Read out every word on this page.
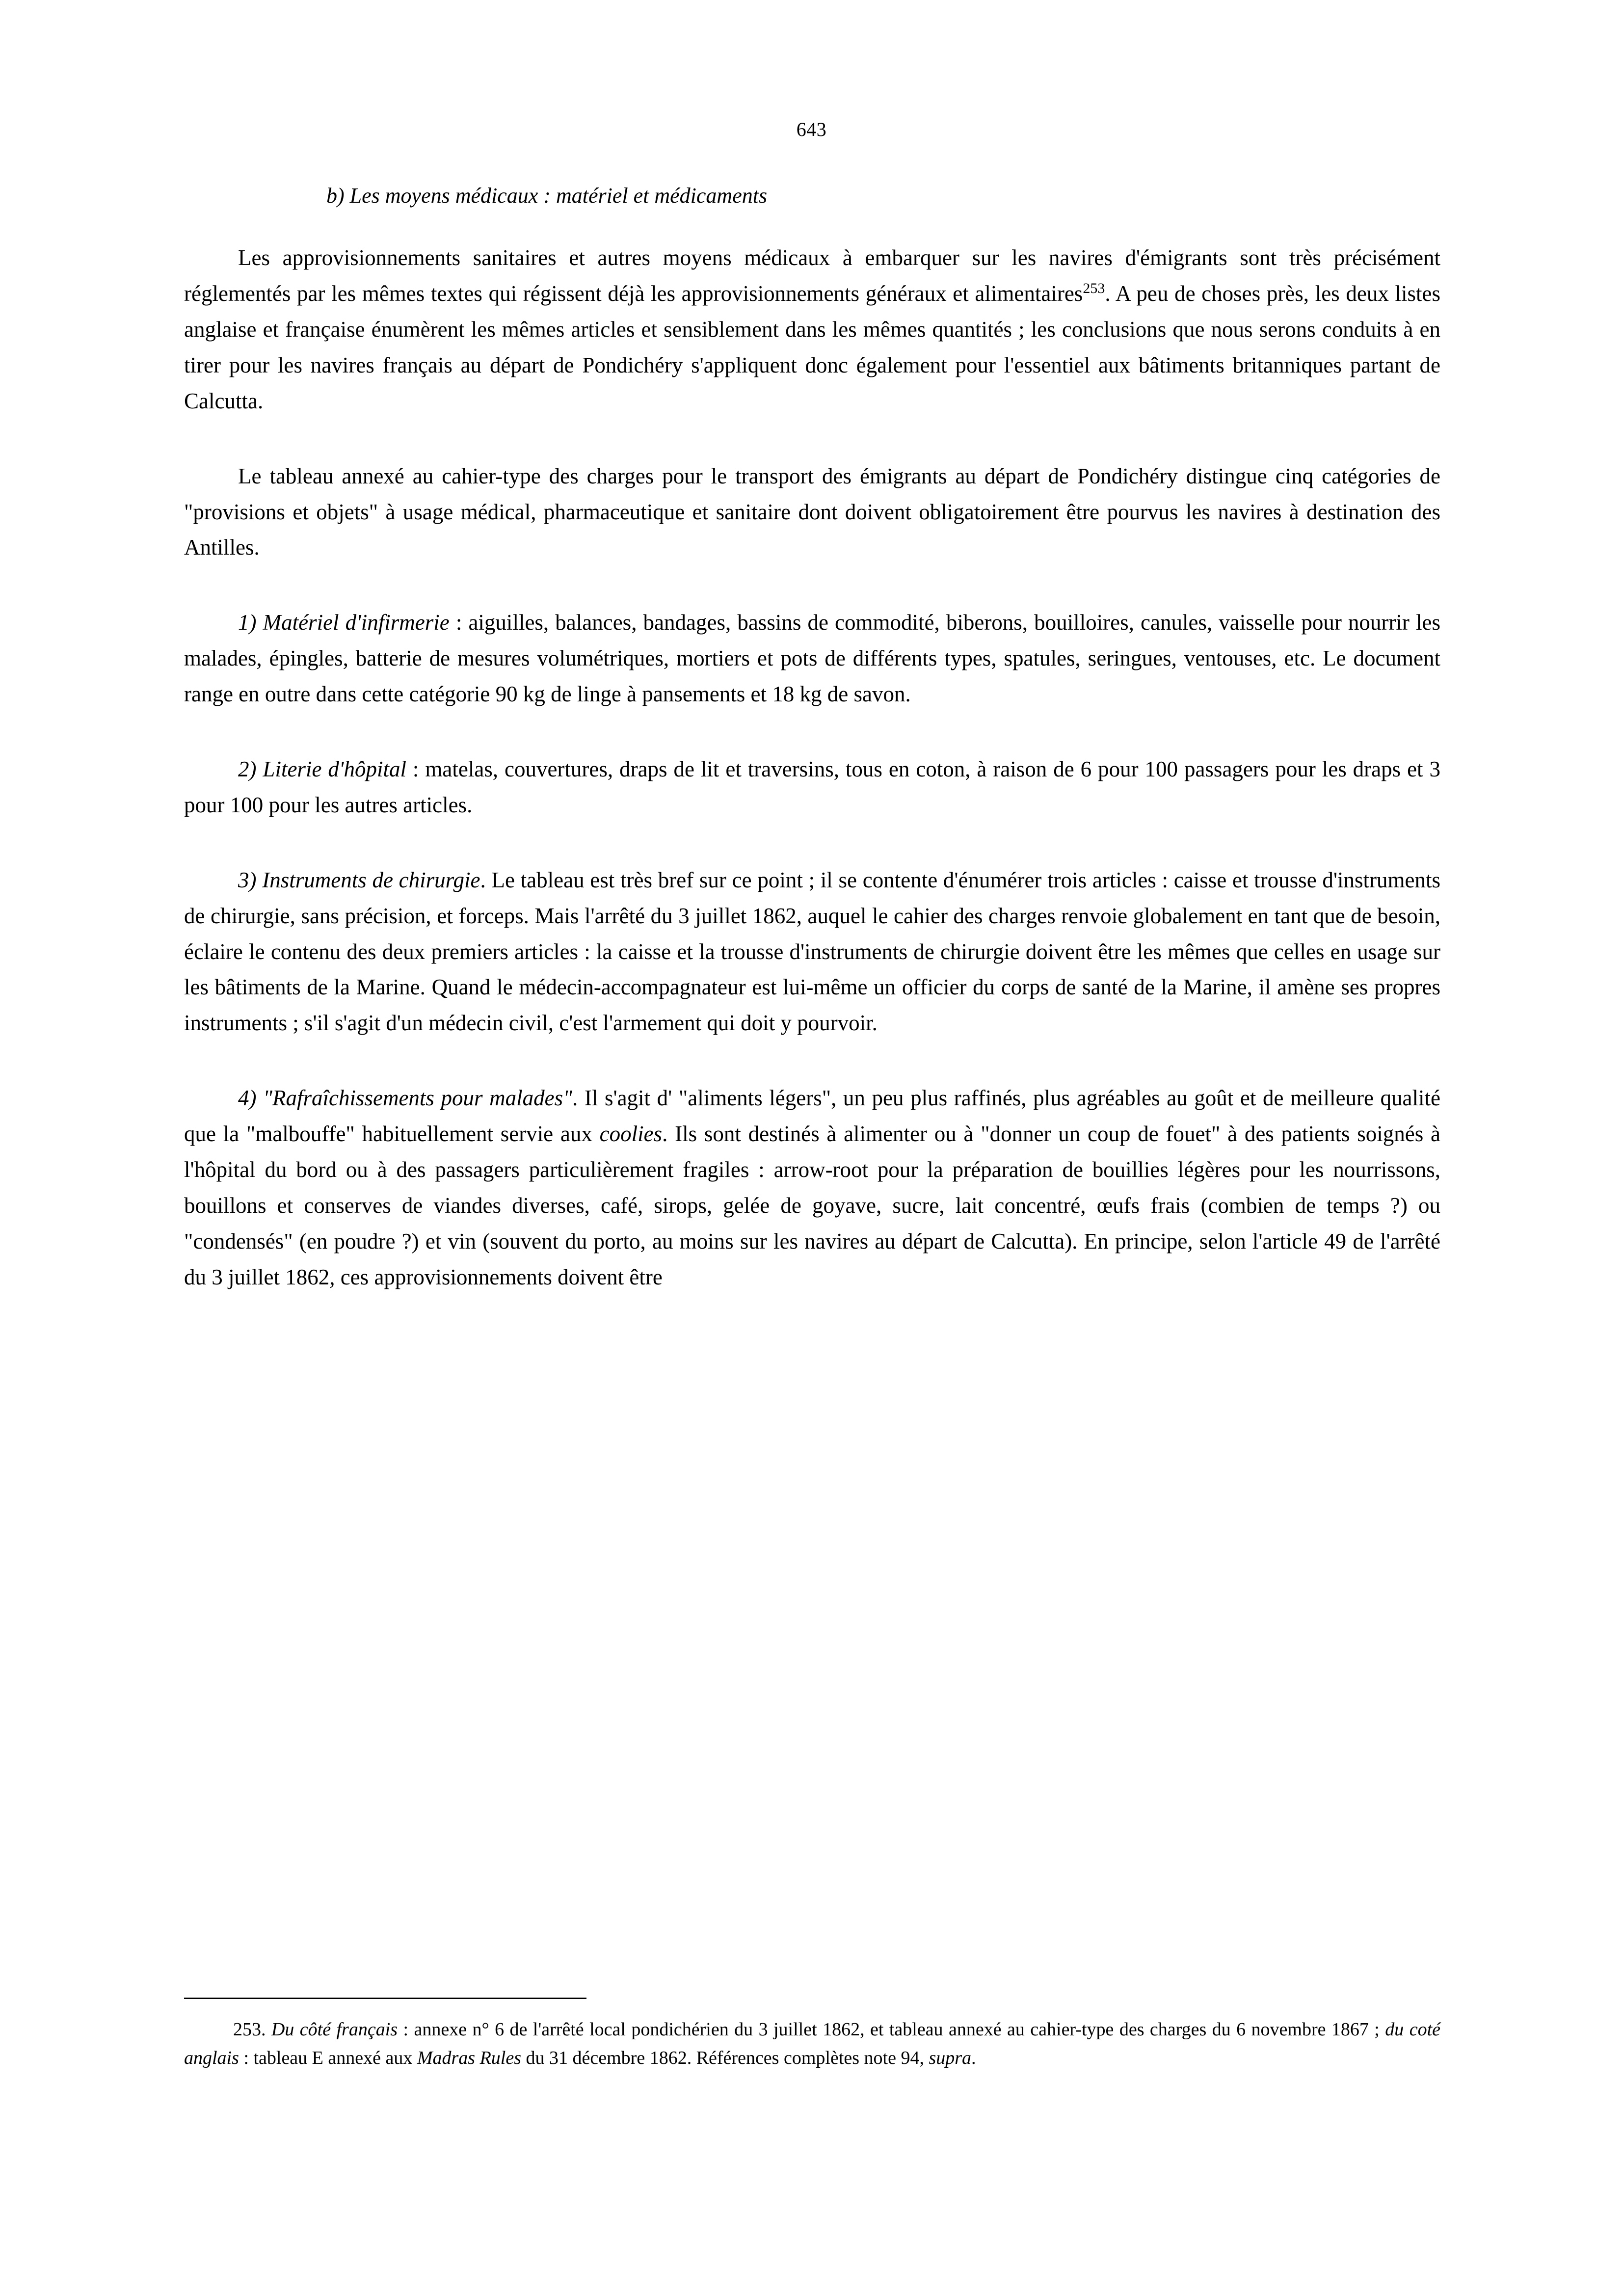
643
b) Les moyens médicaux : matériel et médicaments

Les approvisionnements sanitaires et autres moyens médicaux à embarquer sur les navires d'émigrants sont très précisément réglementés par les mêmes textes qui régissent déjà les approvisionnements généraux et alimentaires$^{253}$. A peu de choses près, les deux listes anglaise et française énumèrent les mêmes articles et sensiblement dans les mêmes quantités ; les conclusions que nous serons conduits à en tirer pour les navires français au départ de Pondichéry s'appliquent donc également pour l'essentiel aux bâtiments britanniques partant de Calcutta.

Le tableau annexé au cahier-type des charges pour le transport des émigrants au départ de Pondichéry distingue cinq catégories de "provisions et objets" à usage médical, pharmaceutique et sanitaire dont doivent obligatoirement être pourvus les navires à destination des Antilles.

1) Matériel d'infirmerie : aiguilles, balances, bandages, bassins de commodité, biberons, bouilloires, canules, vaisselle pour nourrir les malades, épingles, batterie de mesures volumétriques, mortiers et pots de différents types, spatules, seringues, ventouses, etc. Le document range en outre dans cette catégorie 90 kg de linge à pansements et 18 kg de savon.

2) Literie d'hôpital : matelas, couvertures, draps de lit et traversins, tous en coton, à raison de 6 pour 100 passagers pour les draps et 3 pour 100 pour les autres articles.

3) Instruments de chirurgie. Le tableau est très bref sur ce point ; il se contente d'énumérer trois articles : caisse et trousse d'instruments de chirurgie, sans précision, et forceps. Mais l'arrêté du 3 juillet 1862, auquel le cahier des charges renvoie globalement en tant que de besoin, éclaire le contenu des deux premiers articles : la caisse et la trousse d'instruments de chirurgie doivent être les mêmes que celles en usage sur les bâtiments de la Marine. Quand le médecin-accompagnateur est lui-même un officier du corps de santé de la Marine, il amène ses propres instruments ; s'il s'agit d'un médecin civil, c'est l'armement qui doit y pourvoir.

4) "Rafraîchissements pour malades". Il s'agit d' "aliments légers", un peu plus raffinés, plus agréables au goût et de meilleure qualité que la "malbouffe" habituellement servie aux coolies. Ils sont destinés à alimenter ou à "donner un coup de fouet" à des patients soignés à l'hôpital du bord ou à des passagers particulièrement fragiles : arrow-root pour la préparation de bouillies légères pour les nourrissons, bouillons et conserves de viandes diverses, café, sirops, gelée de goyave, sucre, lait concentré, œufs frais (combien de temps ?) ou "condensés" (en poudre ?) et vin (souvent du porto, au moins sur les navires au départ de Calcutta). En principe, selon l'article 49 de l'arrêté du 3 juillet 1862, ces approvisionnements doivent être

253. Du côté français : annexe n° 6 de l'arrêté local pondichérien du 3 juillet 1862, et tableau annexé au cahier-type des charges du 6 novembre 1867 ; du coté anglais : tableau E annexé aux Madras Rules du 31 décembre 1862. Références complètes note 94, supra.
